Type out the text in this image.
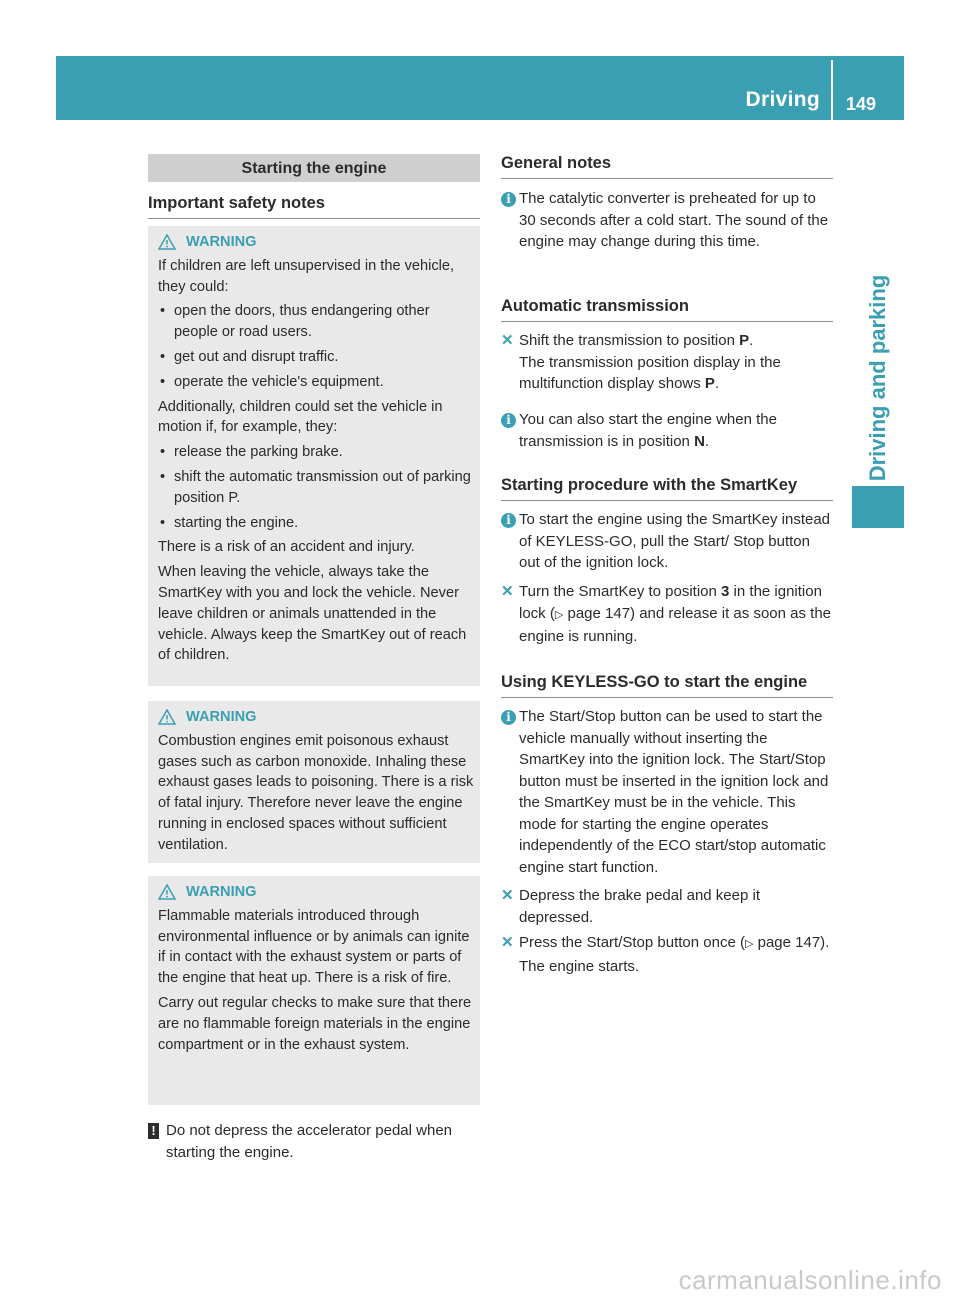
Driving 149
Driving and parking
Starting the engine
Important safety notes
WARNING

If children are left unsupervised in the vehicle, they could:

• open the doors, thus endangering other people or road users.
• get out and disrupt traffic.
• operate the vehicle's equipment.

Additionally, children could set the vehicle in motion if, for example, they:

• release the parking brake.
• shift the automatic transmission out of parking position P.
• starting the engine.

There is a risk of an accident and injury.

When leaving the vehicle, always take the SmartKey with you and lock the vehicle. Never leave children or animals unattended in the vehicle. Always keep the SmartKey out of reach of children.

WARNING

Combustion engines emit poisonous exhaust gases such as carbon monoxide. Inhaling these exhaust gases leads to poisoning. There is a risk of fatal injury. Therefore never leave the engine running in enclosed spaces without sufficient ventilation.

WARNING

Flammable materials introduced through environmental influence or by animals can ignite if in contact with the exhaust system or parts of the engine that heat up. There is a risk of fire.

Carry out regular checks to make sure that there are no flammable foreign materials in the engine compartment or in the exhaust system.

! Do not depress the accelerator pedal when starting the engine.
General notes
i The catalytic converter is preheated for up to 30 seconds after a cold start. The sound of the engine may change during this time.
Automatic transmission
✕ Shift the transmission to position P.
The transmission position display in the multifunction display shows P.
i You can also start the engine when the transmission is in position N.
Starting procedure with the SmartKey
i To start the engine using the SmartKey instead of KEYLESS-GO, pull the Start/ Stop button out of the ignition lock.
✕ Turn the SmartKey to position 3 in the ignition lock (▷ page 147) and release it as soon as the engine is running.
Using KEYLESS-GO to start the engine
i The Start/Stop button can be used to start the vehicle manually without inserting the SmartKey into the ignition lock. The Start/Stop button must be inserted in the ignition lock and the SmartKey must be in the vehicle. This mode for starting the engine operates independently of the ECO start/stop automatic engine start function.
✕ Depress the brake pedal and keep it depressed.
✕ Press the Start/Stop button once (▷ page 147).
The engine starts.
carmanualsonline.info
